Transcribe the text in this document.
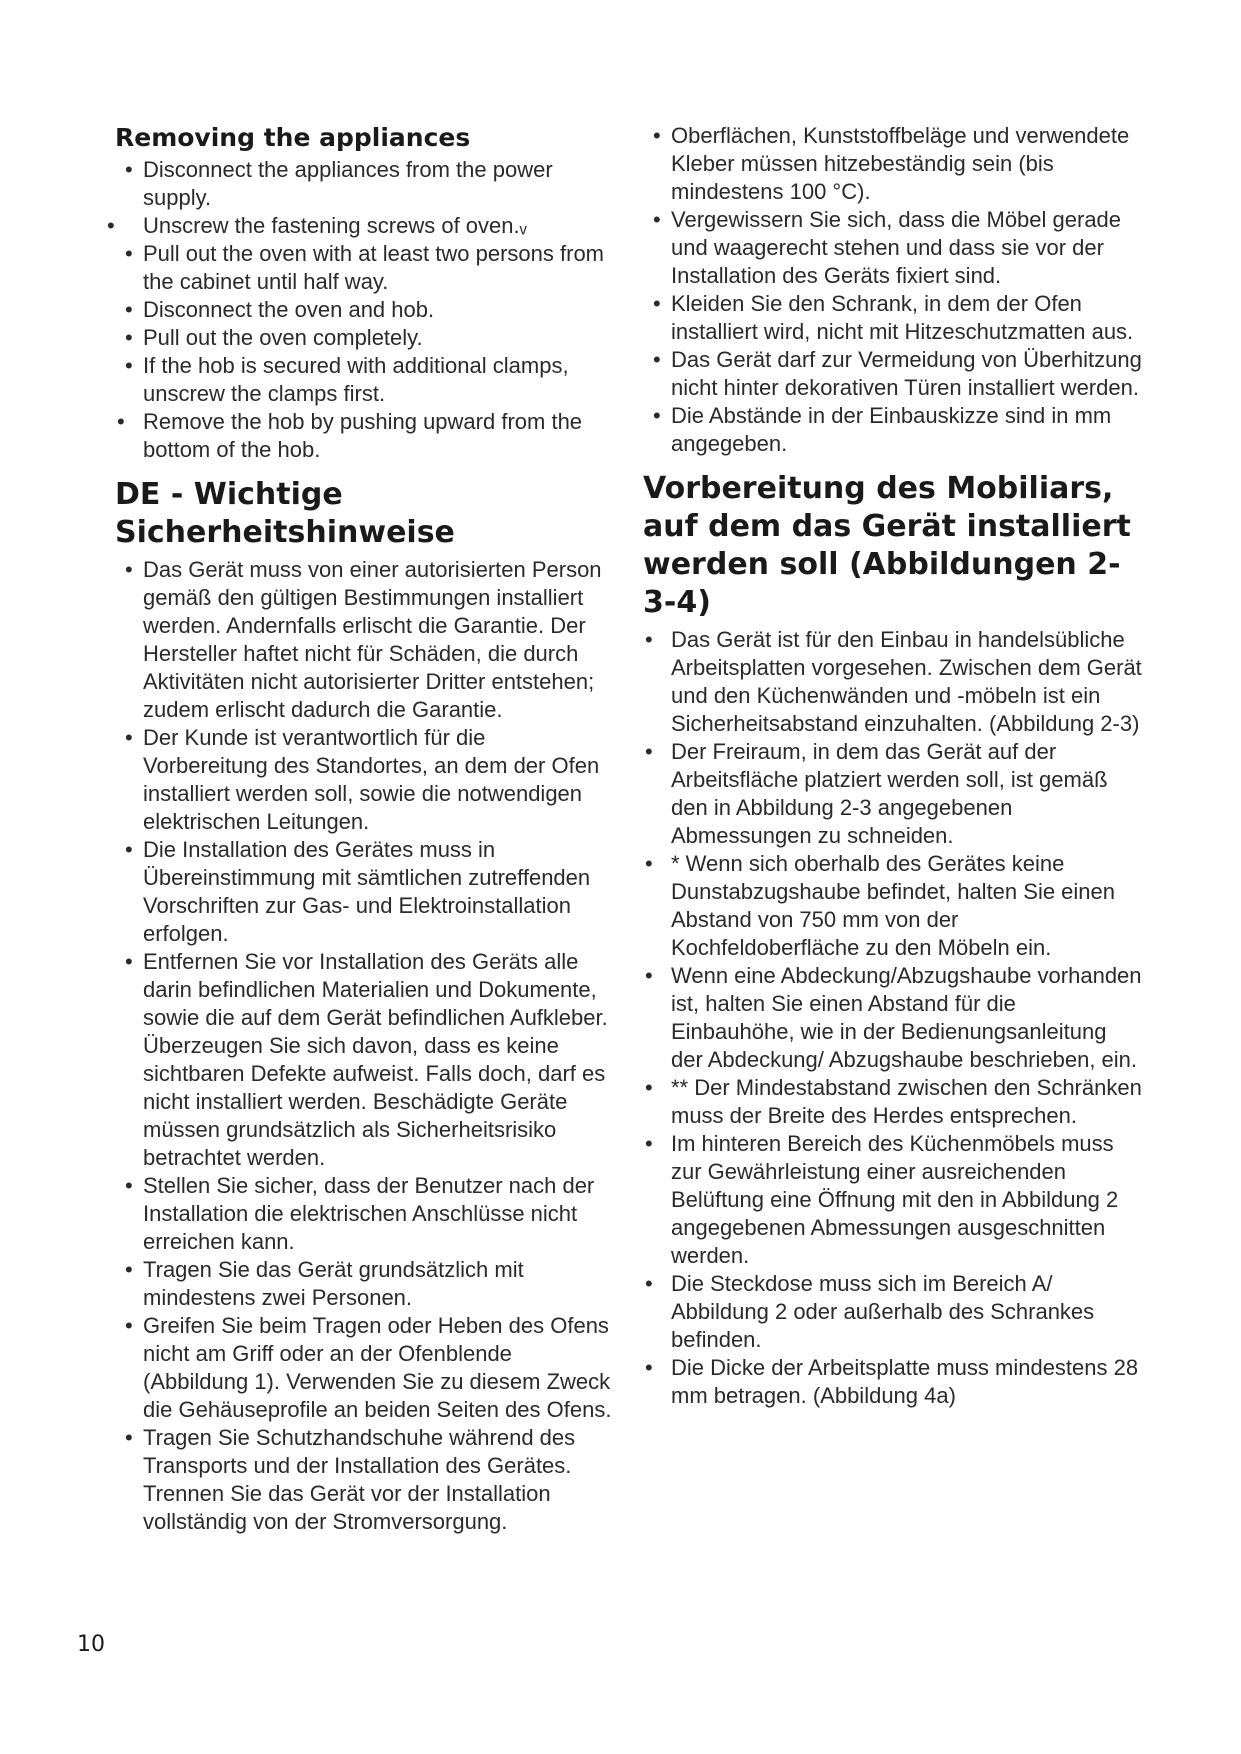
Removing the appliances
• Disconnect the appliances from the power supply.
• Unscrew the fastening screws of oven.ᵥ
• Pull out the oven with at least two persons from the cabinet until half way.
• Disconnect the oven and hob.
• Pull out the oven completely.
• If the hob is secured with additional clamps, unscrew the clamps first.
• Remove the hob by pushing upward from the bottom of the hob.
DE - Wichtige Sicherheitshinweise
• Das Gerät muss von einer autorisierten Person gemäß den gültigen Bestimmungen installiert werden. Andernfalls erlischt die Garantie. Der Hersteller haftet nicht für Schäden, die durch Aktivitäten nicht autorisierter Dritter entstehen; zudem erlischt dadurch die Garantie.
• Der Kunde ist verantwortlich für die Vorbereitung des Standortes, an dem der Ofen installiert werden soll, sowie die notwendigen elektrischen Leitungen.
• Die Installation des Gerätes muss in Übereinstimmung mit sämtlichen zutreffenden Vorschriften zur Gas- und Elektroinstallation erfolgen.
• Entfernen Sie vor Installation des Geräts alle darin befindlichen Materialien und Dokumente, sowie die auf dem Gerät befindlichen Aufkleber. Überzeugen Sie sich davon, dass es keine sichtbaren Defekte aufweist. Falls doch, darf es nicht installiert werden. Beschädigte Geräte müssen grundsätzlich als Sicherheitsrisiko betrachtet werden.
• Stellen Sie sicher, dass der Benutzer nach der Installation die elektrischen Anschlüsse nicht erreichen kann.
• Tragen Sie das Gerät grundsätzlich mit mindestens zwei Personen.
• Greifen Sie beim Tragen oder Heben des Ofens nicht am Griff oder an der Ofenblende (Abbildung 1). Verwenden Sie zu diesem Zweck die Gehäuseprofile an beiden Seiten des Ofens.
• Tragen Sie Schutzhandschuhe während des Transports und der Installation des Gerätes. Trennen Sie das Gerät vor der Installation vollständig von der Stromversorgung.
• Oberflächen, Kunststoffbeläge und verwendete Kleber müssen hitzebeständig sein (bis mindestens 100 °C).
• Vergewissern Sie sich, dass die Möbel gerade und waagerecht stehen und dass sie vor der Installation des Geräts fixiert sind.
• Kleiden Sie den Schrank, in dem der Ofen installiert wird, nicht mit Hitzeschutzmatten aus.
• Das Gerät darf zur Vermeidung von Überhitzung nicht hinter dekorativen Türen installiert werden.
• Die Abstände in der Einbauskizze sind in mm angegeben.
Vorbereitung des Mobiliars, auf dem das Gerät installiert werden soll (Abbildungen 2-3-4)
• Das Gerät ist für den Einbau in handelsübliche Arbeitsplatten vorgesehen. Zwischen dem Gerät und den Küchenwänden und -möbeln ist ein Sicherheitsabstand einzuhalten. (Abbildung 2-3)
• Der Freiraum, in dem das Gerät auf der Arbeitsfläche platziert werden soll, ist gemäß den in Abbildung 2-3 angegebenen Abmessungen zu schneiden.
• * Wenn sich oberhalb des Gerätes keine Dunstabzugshaube befindet, halten Sie einen Abstand von 750 mm von der Kochfeldoberfläche zu den Möbeln ein.
• Wenn eine Abdeckung/Abzugshaube vorhanden ist, halten Sie einen Abstand für die Einbauhöhe, wie in der Bedienungsanleitung der Abdeckung/ Abzugshaube beschrieben, ein.
• ** Der Mindestabstand zwischen den Schränken muss der Breite des Herdes entsprechen.
• Im hinteren Bereich des Küchenmöbels muss zur Gewährleistung einer ausreichenden Belüftung eine Öffnung mit den in Abbildung 2 angegebenen Abmessungen ausgeschnitten werden.
• Die Steckdose muss sich im Bereich A/ Abbildung 2 oder außerhalb des Schrankes befinden.
• Die Dicke der Arbeitsplatte muss mindestens 28 mm betragen. (Abbildung 4a)
10
